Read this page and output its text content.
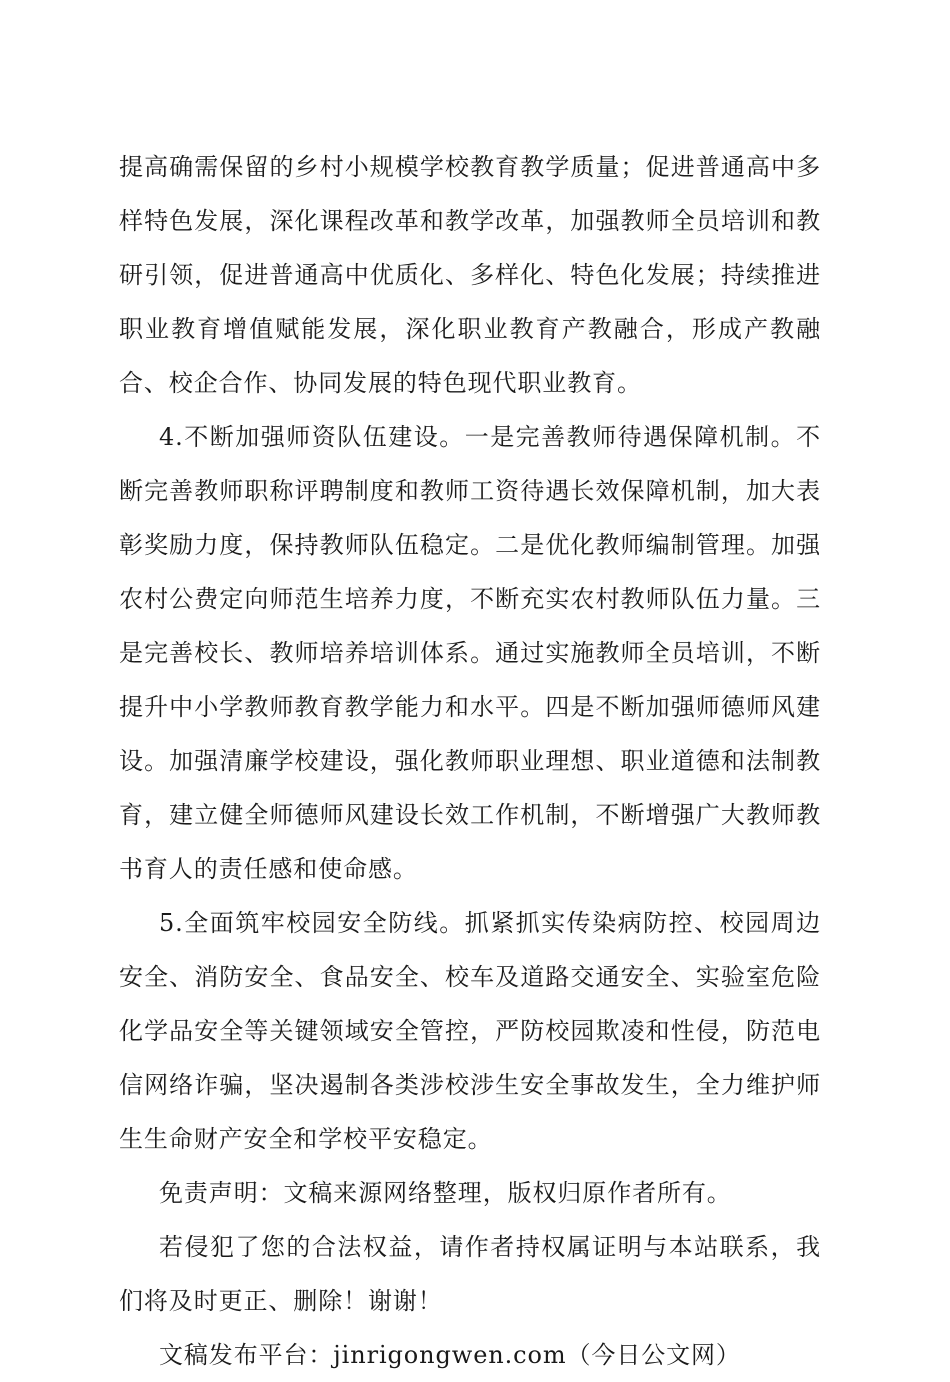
提高确需保留的乡村小规模学校教育教学质量；促进普通高中多样特色发展，深化课程改革和教学改革，加强教师全员培训和教研引领，促进普通高中优质化、多样化、特色化发展；持续推进职业教育增值赋能发展，深化职业教育产教融合，形成产教融合、校企合作、协同发展的特色现代职业教育。

4.不断加强师资队伍建设。一是完善教师待遇保障机制。不断完善教师职称评聘制度和教师工资待遇长效保障机制，加大表彰奖励力度，保持教师队伍稳定。二是优化教师编制管理。加强农村公费定向师范生培养力度，不断充实农村教师队伍力量。三是完善校长、教师培养培训体系。通过实施教师全员培训，不断提升中小学教师教育教学能力和水平。四是不断加强师德师风建设。加强清廉学校建设，强化教师职业理想、职业道德和法制教育，建立健全师德师风建设长效工作机制，不断增强广大教师教书育人的责任感和使命感。

5.全面筑牢校园安全防线。抓紧抓实传染病防控、校园周边安全、消防安全、食品安全、校车及道路交通安全、实验室危险化学品安全等关键领域安全管控，严防校园欺凌和性侵，防范电信网络诈骗，坚决遏制各类涉校涉生安全事故发生，全力维护师生生命财产安全和学校平安稳定。

免责声明：文稿来源网络整理，版权归原作者所有。

若侵犯了您的合法权益，请作者持权属证明与本站联系，我们将及时更正、删除！谢谢！

文稿发布平台：jinrigongwen.com（今日公文网）
